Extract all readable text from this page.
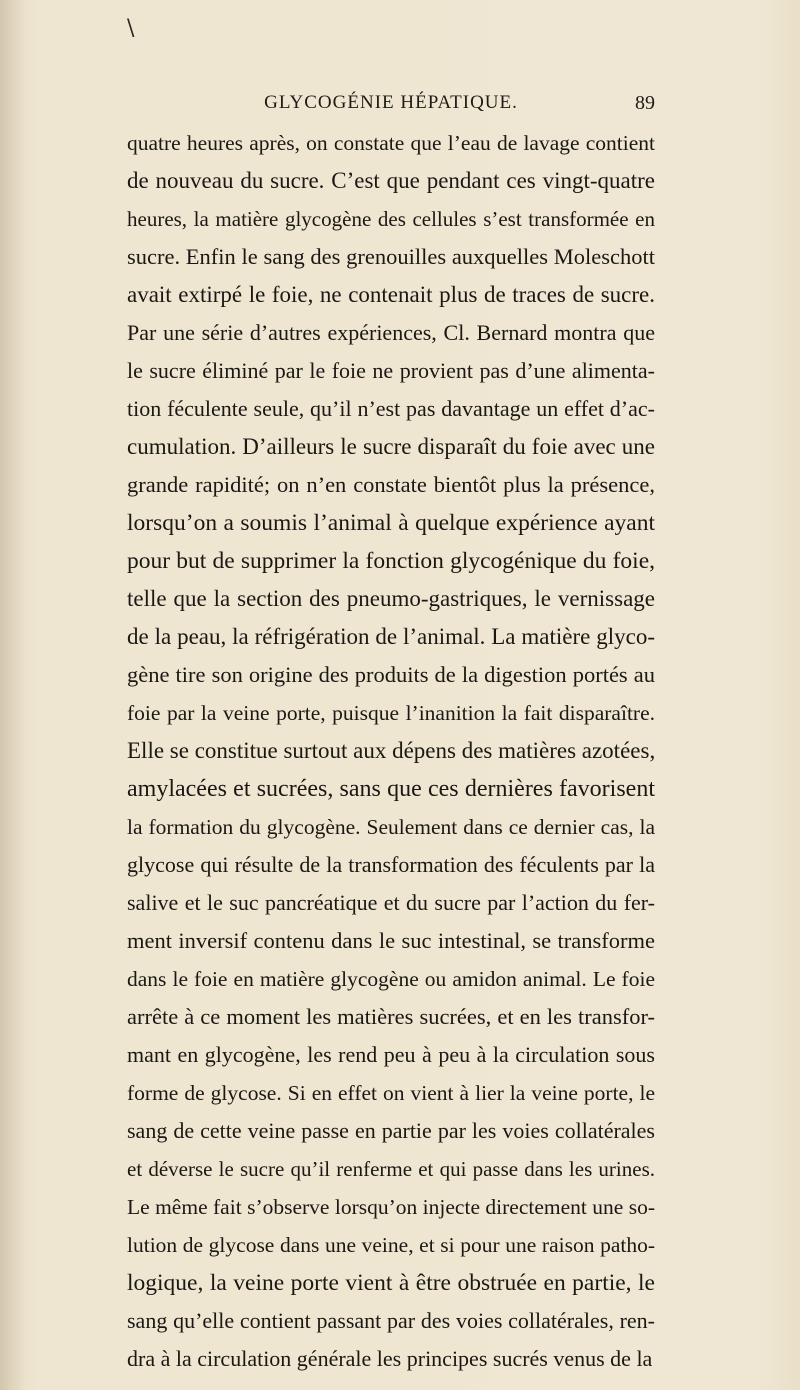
\
GLYCOGÉNIE HÉPATIQUE.	89
quatre heures après, on constate que l’eau de lavage contient
de nouveau du sucre. C’est que pendant ces vingt-quatre
heures, la matière glycogène des cellules s’est transformée en
sucre. Enfin le sang des grenouilles auxquelles Moleschott
avait extirpé le foie, ne contenait plus de traces de sucre.
Par une série d’autres expériences, Cl. Bernard montra que
le sucre éliminé par le foie ne provient pas d’une alimenta-
tion féculente seule, qu’il n’est pas davantage un effet d’ac-
cumulation. D’ailleurs le sucre disparaît du foie avec une
grande rapidité; on n’en constate bientôt plus la présence,
lorsqu’on a soumis l’animal à quelque expérience ayant
pour but de supprimer la fonction glycogénique du foie,
telle que la section des pneumo-gastriques, le vernissage
de la peau, la réfrigération de l’animal. La matière glyco-
gène tire son origine des produits de la digestion portés au
foie par la veine porte, puisque l’inanition la fait disparaître.
Elle se constitue surtout aux dépens des matières azotées,
amylacées et sucrées, sans que ces dernières favorisent
la formation du glycogène. Seulement dans ce dernier cas, la
glycose qui résulte de la transformation des féculents par la
salive et le suc pancréatique et du sucre par l’action du fer-
ment inversif contenu dans le suc intestinal, se transforme
dans le foie en matière glycogène ou amidon animal. Le foie
arrête à ce moment les matières sucrées, et en les transfor-
mant en glycogène, les rend peu à peu à la circulation sous
forme de glycose. Si en effet on vient à lier la veine porte, le
sang de cette veine passe en partie par les voies collatérales
et déverse le sucre qu’il renferme et qui passe dans les urines.
Le même fait s’observe lorsqu’on injecte directement une so-
lution de glycose dans une veine, et si pour une raison patho-
logique, la veine porte vient à être obstruée en partie, le
sang qu’elle contient passant par des voies collatérales, ren-
dra à la circulation générale les principes sucrés venus de la
